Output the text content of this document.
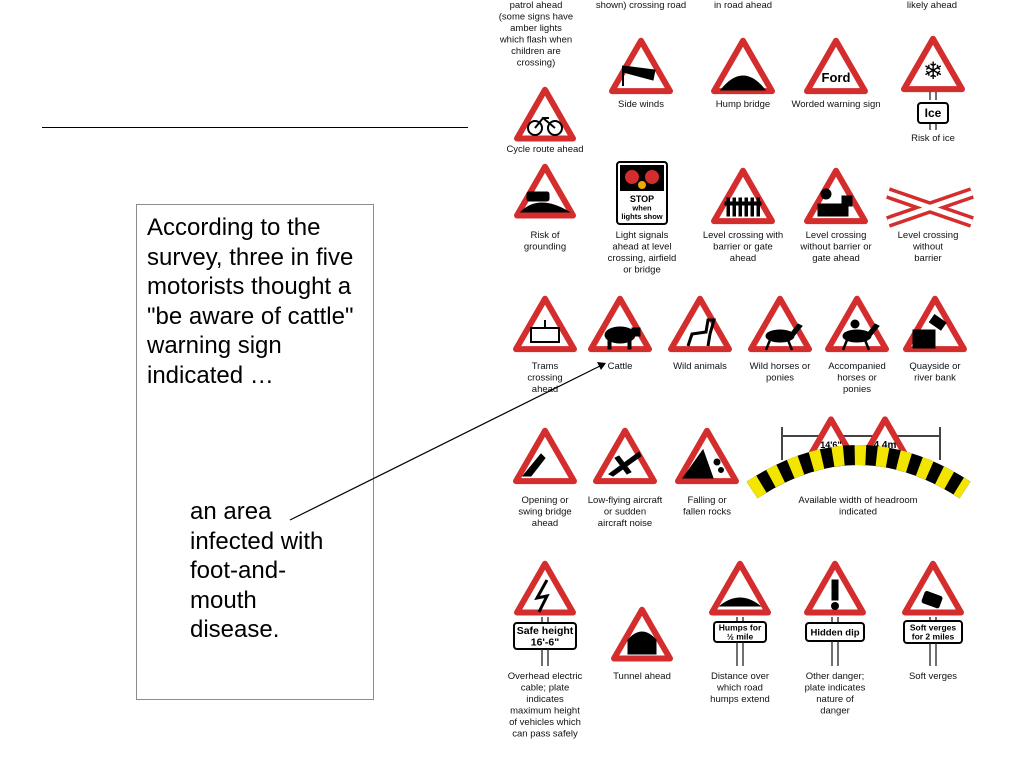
According to the survey, three in five motorists thought a "be aware of cattle" warning sign indicated …

an area infected with foot-and-mouth disease.

patrol ahead (some signs have amber lights which flash when children are crossing)
shown) crossing road	in road ahead	likely ahead
Side winds	Hump bridge
Ford
Worded warning sign
❄
Ice
Risk of ice
Cycle route ahead
Risk of grounding
STOP when lights show
Light signals ahead at level crossing, airfield or bridge
Level crossing with barrier or gate ahead
Level crossing without barrier or gate ahead
Level crossing without barrier
Trams crossing ahead
Cattle	Wild animals Wild horses or ponies
Accompanied horses or ponies
Quayside or river bank
Opening or swing bridge ahead
Low-flying aircraft or sudden aircraft noise
Falling or fallen rocks
14'6"	4.4m
Available width of headroom indicated
Safe height 16'-6"
Overhead electric cable; plate indicates maximum height of vehicles which can pass safely
Tunnel ahead
Humps for ½ mile
Distance over which road humps extend
Hidden dip
Other danger; plate indicates nature of danger
Soft verges for 2 miles
Soft verges
